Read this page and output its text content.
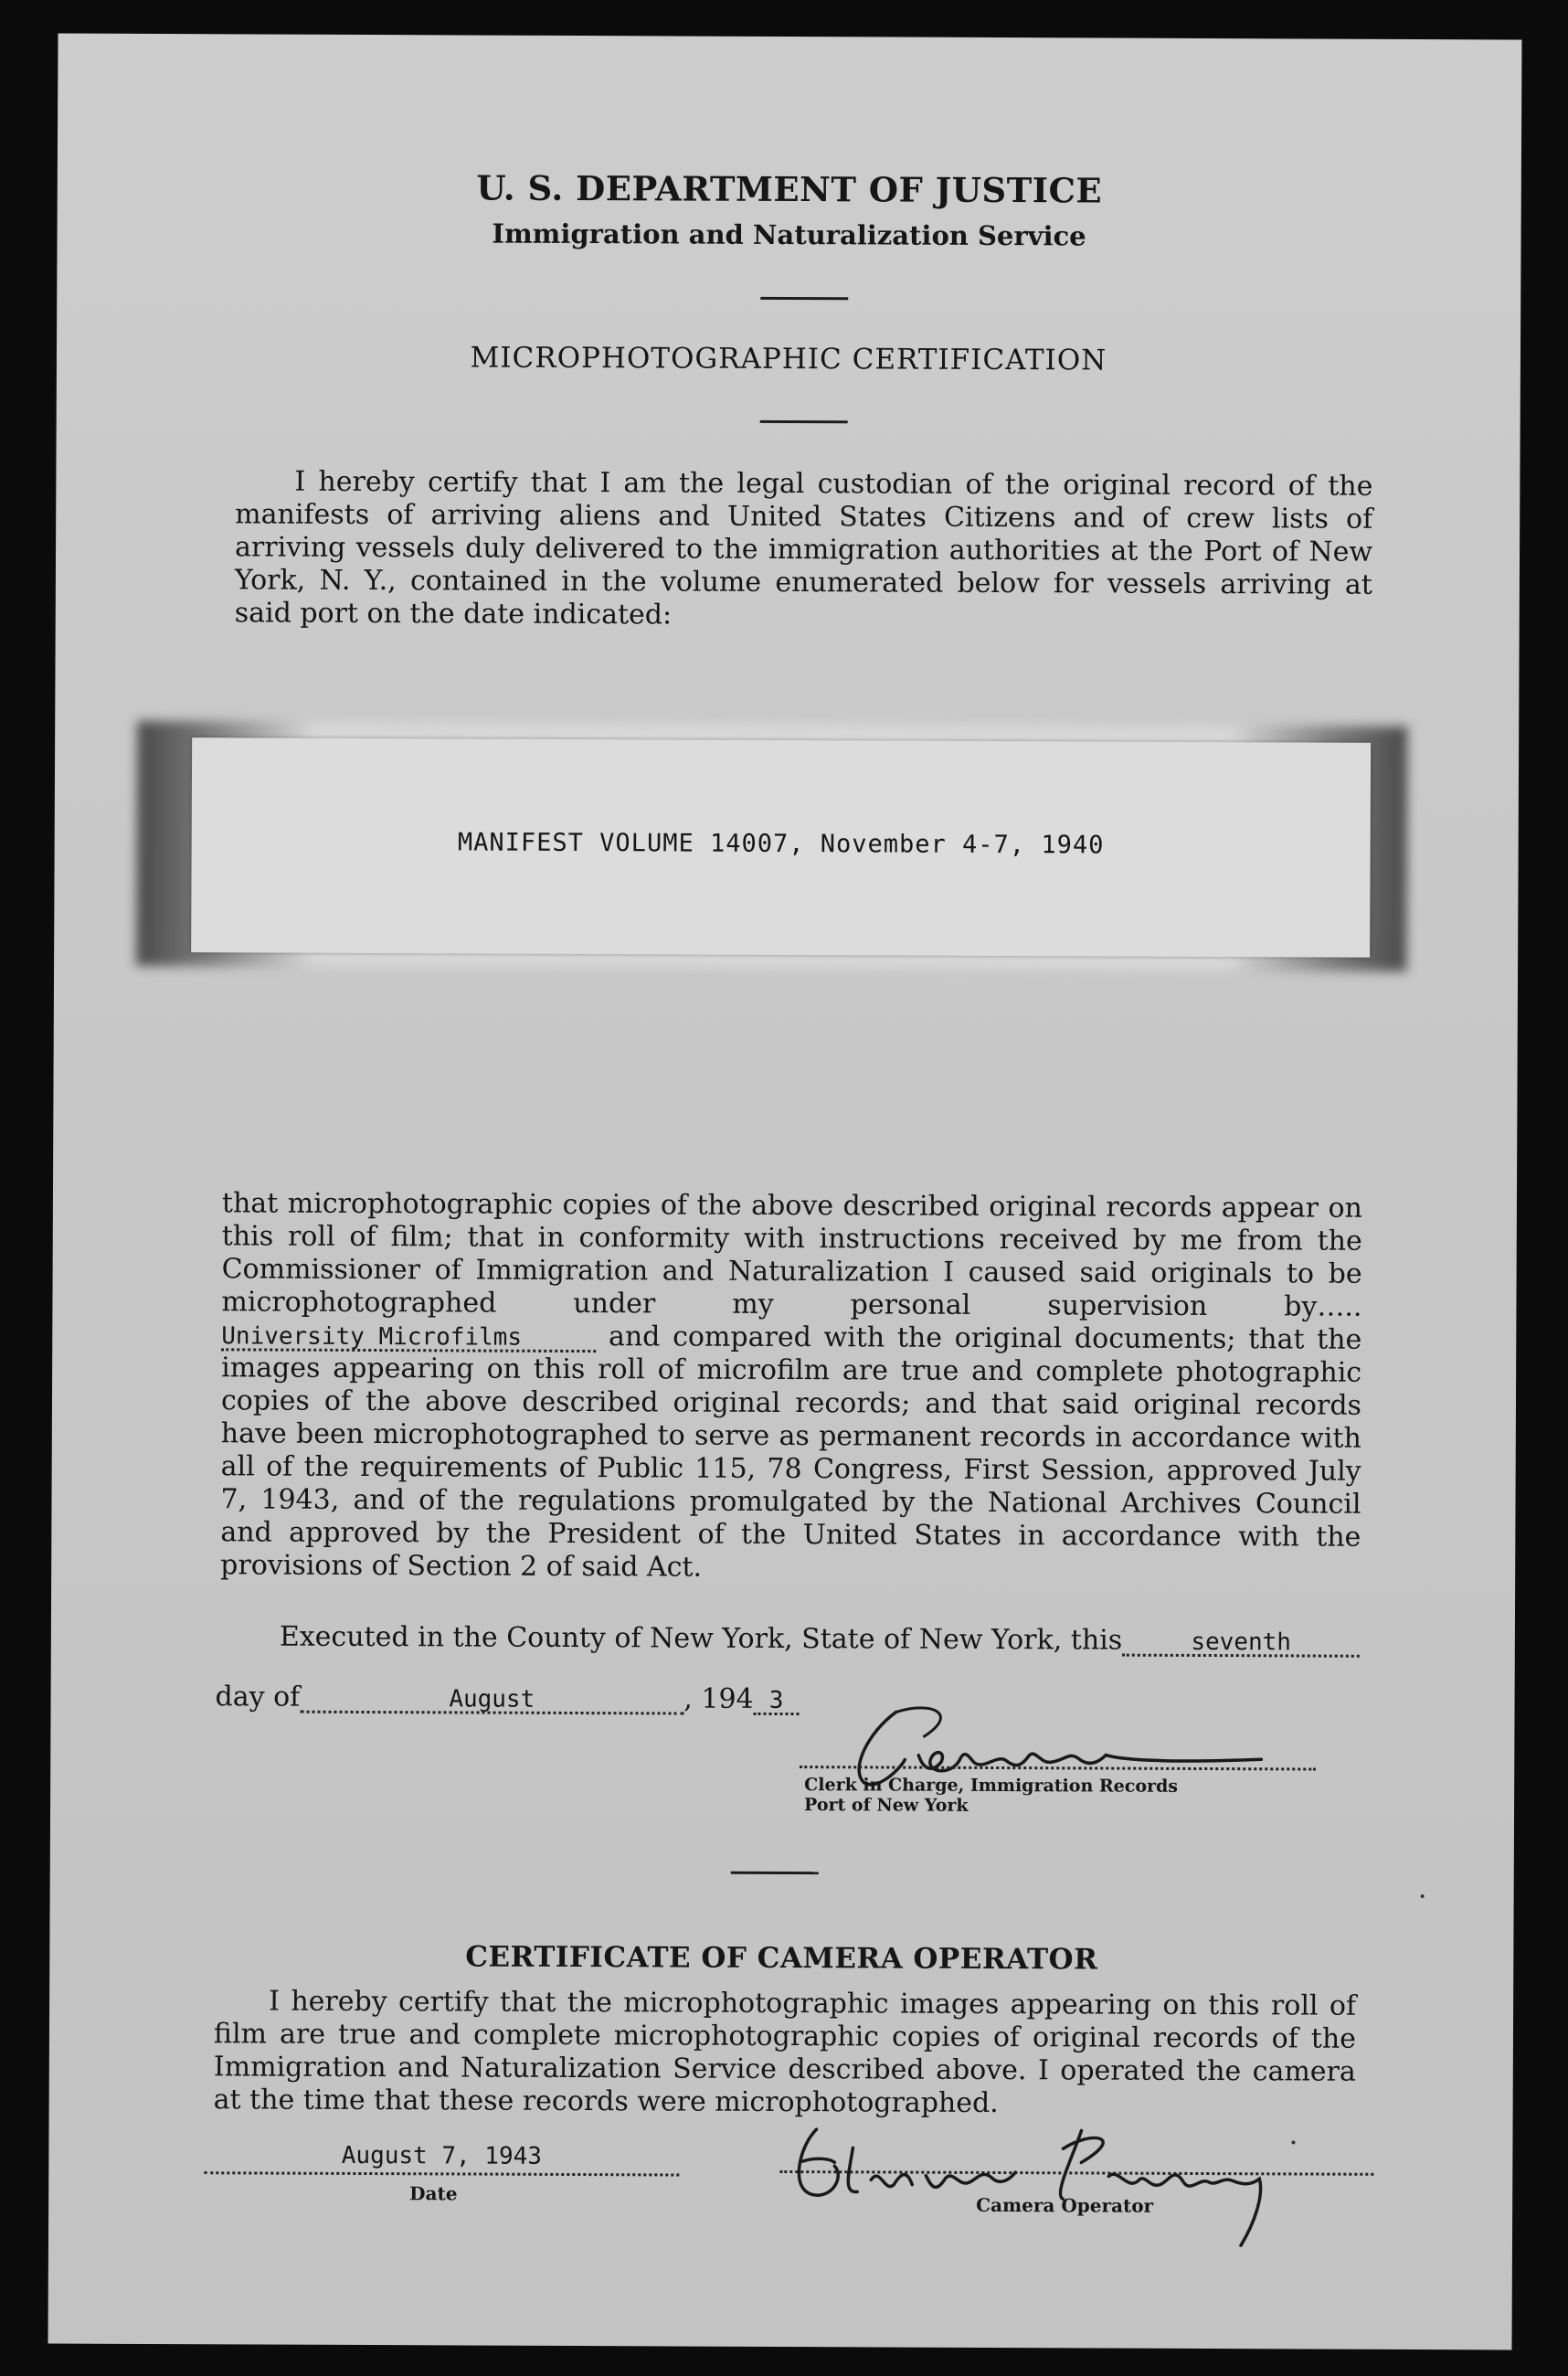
U. S. DEPARTMENT OF JUSTICE
Immigration and Naturalization Service
MICROPHOTOGRAPHIC CERTIFICATION

I hereby certify that I am the legal custodian of the original record of the manifests of arriving aliens and United States Citizens and of crew lists of arriving vessels duly delivered to the immigration authorities at the Port of New York, N. Y., contained in the volume enumerated below for vessels arriving at said port on the date indicated:

MANIFEST VOLUME 14007, November 4-7, 1940

that microphotographic copies of the above described original records appear on this roll of film; that in conformity with instructions received by me from the Commissioner of Immigration and Naturalization I caused said originals to be microphotographed under my personal supervision by…..University Microfilms	and compared with the original documents; that the images appearing on this roll of microfilm are true and complete photographic copies of the above described original records; and that said original records have been microphotographed to serve as permanent records in accordance with all of the requirements of Public 115, 78 Congress, First Session, approved July 7, 1943, and of the regulations promulgated by the National Archives Council and approved by the President of the United States in accordance with the provisions of Section 2 of said Act.

Executed in the County of New York, State of New York, this	seventh
day of	August	, 194 3
Clerk in Charge, Immigration Records
Port of New York
CERTIFICATE OF CAMERA OPERATOR

I hereby certify that the microphotographic images appearing on this roll of film are true and complete microphotographic copies of original records of the Immigration and Naturalization Service described above. I operated the camera at the time that these records were microphotographed.

August 7, 1943
Date
Camera Operator
